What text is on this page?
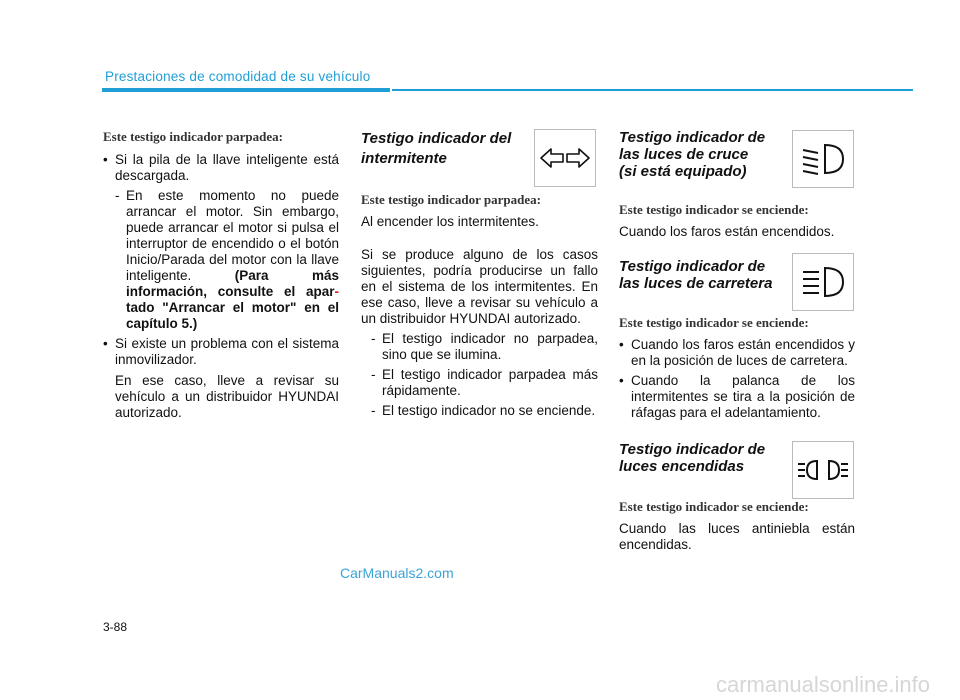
Prestaciones de comodidad de su vehículo
Este testigo indicador parpadea:
• Si la pila de la llave inteligente está descargada.
- En este momento no puede arrancar el motor. Sin embargo, puede arrancar el motor si pulsa el interruptor de encendido o el botón Inicio/Parada del motor con la llave inteligente.	(Para más información, consulte el apar- tado "Arrancar el motor" en el capítulo 5.)
• Si existe un problema con el sistema inmovilizador.

En ese caso, lleve a revisar su vehículo a un distribuidor HYUNDAI autorizado.

Testigo indicador del
intermitente
Este testigo indicador parpadea:

Al encender los intermitentes.

Si se produce alguno de los casos siguientes, podría producirse un fallo en el sistema de los intermitentes. En ese caso, lleve a revisar su vehículo a un distribuidor HYUNDAI autorizado.

- El testigo indicador no parpadea, sino que se ilumina.
- El testigo indicador parpadea más rápidamente.
- El testigo indicador no se enciende.
Testigo indicador de
las luces de cruce
(si está equipado)
Este testigo indicador se enciende:

Cuando los faros están encendidos.

Testigo indicador de
las luces de carretera
Este testigo indicador se enciende:
• Cuando los faros están encendidos y en la posición de luces de carretera.
• Cuando la palanca de los intermitentes se tira a la posición de ráfagas para el adelantamiento.
Testigo indicador de
luces encendidas
Este testigo indicador se enciende:

Cuando las luces antiniebla están encendidas.

CarManuals2.com
3-88
carmanualsonline.info
